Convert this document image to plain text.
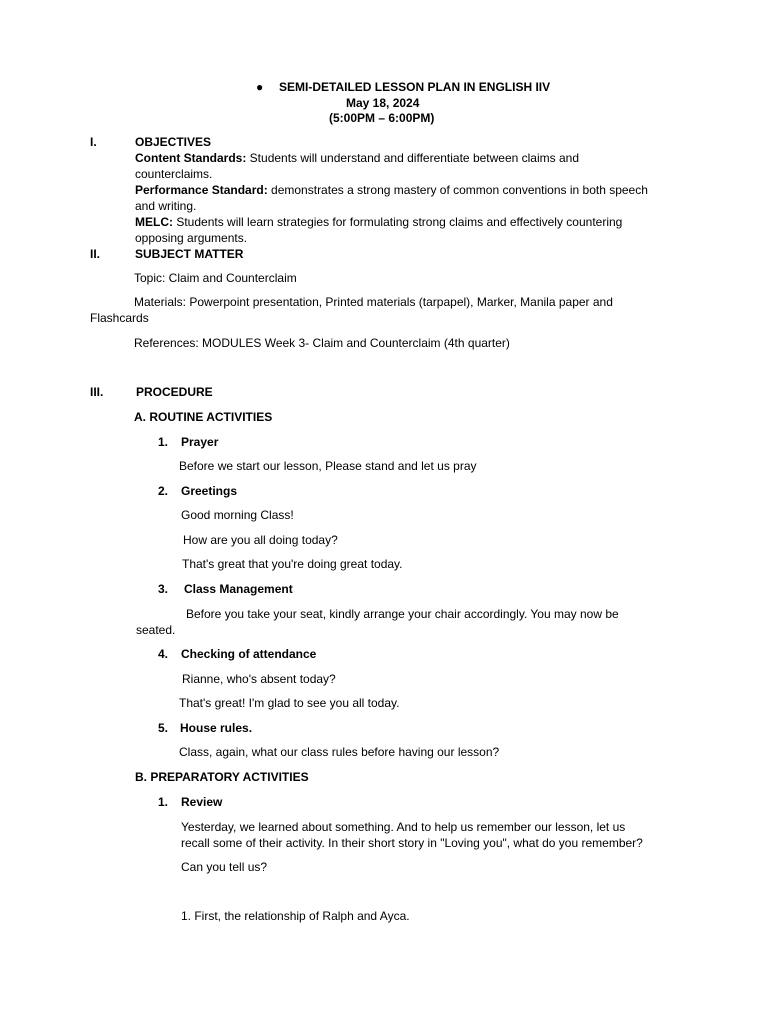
● SEMI-DETAILED LESSON PLAN IN ENGLISH IIV
May 18, 2024
(5:00PM – 6:00PM)
I.	OBJECTIVES
Content Standards: Students will understand and differentiate between claims and
counterclaims.
Performance Standard: demonstrates a strong mastery of common conventions in both speech
and writing.
MELC: Students will learn strategies for formulating strong claims and effectively countering
opposing arguments.
II.	SUBJECT MATTER
Topic: Claim and Counterclaim
Materials: Powerpoint presentation, Printed materials (tarpapel), Marker, Manila paper and
Flashcards
References: MODULES Week 3- Claim and Counterclaim (4th quarter)
III.	PROCEDURE
A. ROUTINE ACTIVITIES
1. Prayer
Before we start our lesson, Please stand and let us pray
2. Greetings
Good morning Class!
How are you all doing today?
That's great that you're doing great today.
3. Class Management
Before you take your seat, kindly arrange your chair accordingly. You may now be
seated.
4. Checking of attendance
Rianne, who's absent today?
That's great! I'm glad to see you all today.
5. House rules.
Class, again, what our class rules before having our lesson?
B. PREPARATORY ACTIVITIES
1. Review
Yesterday, we learned about something. And to help us remember our lesson, let us
recall some of their activity. In their short story in "Loving you", what do you remember?
Can you tell us?
1. First, the relationship of Ralph and Ayca.
